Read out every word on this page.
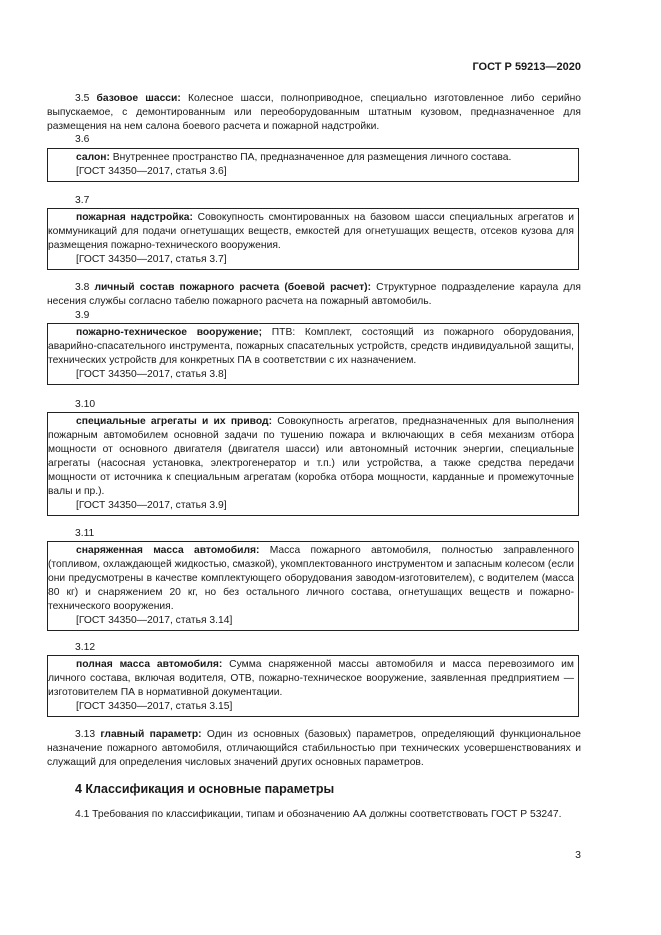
ГОСТ Р 59213—2020
3.5 базовое шасси: Колесное шасси, полноприводное, специально изготовленное либо серийно выпускаемое, с демонтированным или переоборудованным штатным кузовом, предназначенное для размещения на нем салона боевого расчета и пожарной надстройки.
3.6
салон: Внутреннее пространство ПА, предназначенное для размещения личного состава.
[ГОСТ 34350—2017, статья 3.6]
3.7
пожарная надстройка: Совокупность смонтированных на базовом шасси специальных агрегатов и коммуникаций для подачи огнетушащих веществ, емкостей для огнетушащих веществ, отсеков кузова для размещения пожарно-технического вооружения.
[ГОСТ 34350—2017, статья 3.7]
3.8 личный состав пожарного расчета (боевой расчет): Структурное подразделение караула для несения службы согласно табелю пожарного расчета на пожарный автомобиль.
3.9
пожарно-техническое вооружение; ПТВ: Комплект, состоящий из пожарного оборудования, аварийно-спасательного инструмента, пожарных спасательных устройств, средств индивидуальной защиты, технических устройств для конкретных ПА в соответствии с их назначением.
[ГОСТ 34350—2017, статья 3.8]
3.10
специальные агрегаты и их привод: Совокупность агрегатов, предназначенных для выполнения пожарным автомобилем основной задачи по тушению пожара и включающих в себя механизм отбора мощности от основного двигателя (двигателя шасси) или автономный источник энергии, специальные агрегаты (насосная установка, электрогенератор и т.п.) или устройства, а также средства передачи мощности от источника к специальным агрегатам (коробка отбора мощности, карданные и промежуточные валы и пр.).
[ГОСТ 34350—2017, статья 3.9]
3.11
снаряженная масса автомобиля: Масса пожарного автомобиля, полностью заправленного (топливом, охлаждающей жидкостью, смазкой), укомплектованного инструментом и запасным колесом (если они предусмотрены в качестве комплектующего оборудования заводом-изготовителем), с водителем (масса 80 кг) и снаряжением 20 кг, но без остального личного состава, огнетушащих веществ и пожарно-технического вооружения.
[ГОСТ 34350—2017, статья 3.14]
3.12
полная масса автомобиля: Сумма снаряженной массы автомобиля и масса перевозимого им личного состава, включая водителя, ОТВ, пожарно-техническое вооружение, заявленная предприятием — изготовителем ПА в нормативной документации.
[ГОСТ 34350—2017, статья 3.15]
3.13 главный параметр: Один из основных (базовых) параметров, определяющий функциональное назначение пожарного автомобиля, отличающийся стабильностью при технических усовершенствованиях и служащий для определения числовых значений других основных параметров.
4 Классификация и основные параметры
4.1 Требования по классификации, типам и обозначению АА должны соответствовать ГОСТ Р 53247.
3
